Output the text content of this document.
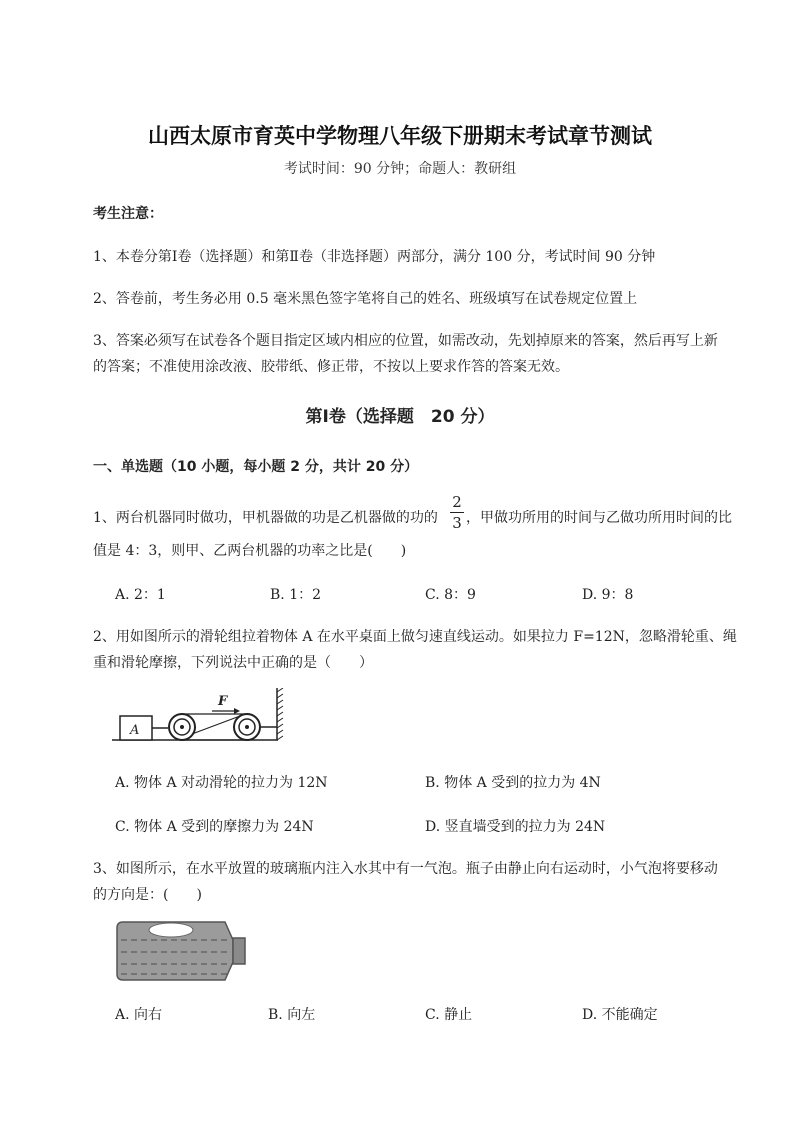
山西太原市育英中学物理八年级下册期末考试章节测试
考试时间：90 分钟；命题人：教研组
考生注意：
1、本卷分第Ⅰ卷（选择题）和第Ⅱ卷（非选择题）两部分，满分 100 分，考试时间 90 分钟
2、答卷前，考生务必用 0.5 毫米黑色签字笔将自己的姓名、班级填写在试卷规定位置上
3、答案必须写在试卷各个题目指定区域内相应的位置，如需改动，先划掉原来的答案，然后再写上新
的答案；不准使用涂改液、胶带纸、修正带，不按以上要求作答的答案无效。
第Ⅰ卷（选择题　20 分）
一、单选题（10 小题，每小题 2 分，共计 20 分）
1、两台机器同时做功，甲机器做的功是乙机器做的功的
2
3 ，甲做功所用的时间与乙做功所用时间的比
值是 4：3，则甲、乙两台机器的功率之比是(　　)
A. 2：1	B. 1：2	C. 8：9	D. 9：8
2、用如图所示的滑轮组拉着物体 A 在水平桌面上做匀速直线运动。如果拉力 F=12N，忽略滑轮重、绳
重和滑轮摩擦，下列说法中正确的是（　　）
A
F
A. 物体 A 对动滑轮的拉力为 12N	B. 物体 A 受到的拉力为 4N
C. 物体 A 受到的摩擦力为 24N	D. 竖直墙受到的拉力为 24N
3、如图所示，在水平放置的玻璃瓶内注入水其中有一气泡。瓶子由静止向右运动时，小气泡将要移动
的方向是：(　　)
A. 向右	B. 向左	C. 静止	D. 不能确定
